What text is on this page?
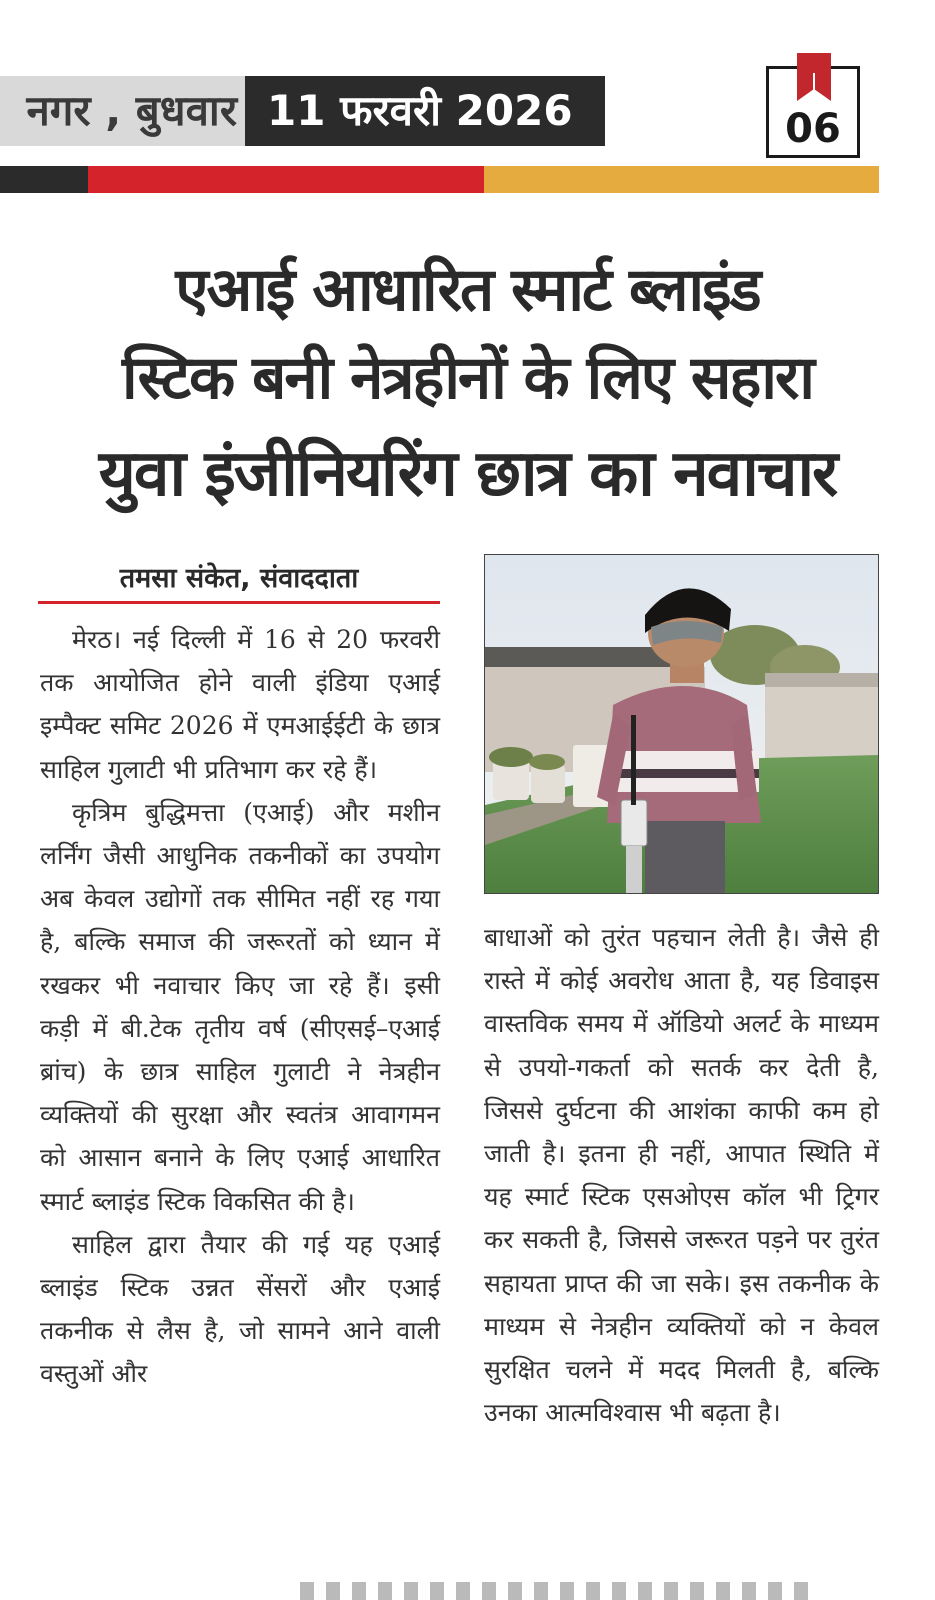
नगर , बुधवार 11 फरवरी 2026	06
एआई आधारित स्मार्ट ब्लाइंड
स्टिक बनी नेत्रहीनों के लिए सहारा
युवा इंजीनियरिंग छात्र का नवाचार
तमसा संकेत, संवाददाता

मेरठ। नई दिल्ली में 16 से 20 फरवरी तक आयोजित होने वाली इंडिया एआई इम्पैक्ट समिट 2026 में एमआईईटी के छात्र साहिल गुलाटी भी प्रतिभाग कर रहे हैं।

कृत्रिम बुद्धिमत्ता (एआई) और मशीन लर्निंग जैसी आधुनिक तकनीकों का उपयोग अब केवल उद्योगों तक सीमित नहीं रह गया है, बल्कि समाज की जरूरतों को ध्यान में रखकर भी नवाचार किए जा रहे हैं। इसी कड़ी में बी.टेक तृतीय वर्ष (सीएसई–एआई ब्रांच) के छात्र साहिल गुलाटी ने नेत्रहीन व्यक्तियों की सुरक्षा और स्वतंत्र आवागमन को आसान बनाने के लिए एआई आधारित स्मार्ट ब्लाइंड स्टिक विकसित की है।

साहिल द्वारा तैयार की गई यह एआई ब्लाइंड स्टिक उन्नत सेंसरों और एआई तकनीक से लैस है, जो सामने आने वाली वस्तुओं और

बाधाओं को तुरंत पहचान लेती है। जैसे ही रास्ते में कोई अवरोध आता है, यह डिवाइस वास्तविक समय में ऑडियो अलर्ट के माध्यम से उपयो-गकर्ता को सतर्क कर देती है, जिससे दुर्घटना की आशंका काफी कम हो जाती है। इतना ही नहीं, आपात स्थिति में यह स्मार्ट स्टिक एसओएस कॉल भी ट्रिगर कर सकती है, जिससे जरूरत पड़ने पर तुरंत सहायता प्राप्त की जा सके। इस तकनीक के माध्यम से नेत्रहीन व्यक्तियों को न केवल सुरक्षित चलने में मदद मिलती है, बल्कि उनका आत्मविश्वास भी बढ़ता है।
